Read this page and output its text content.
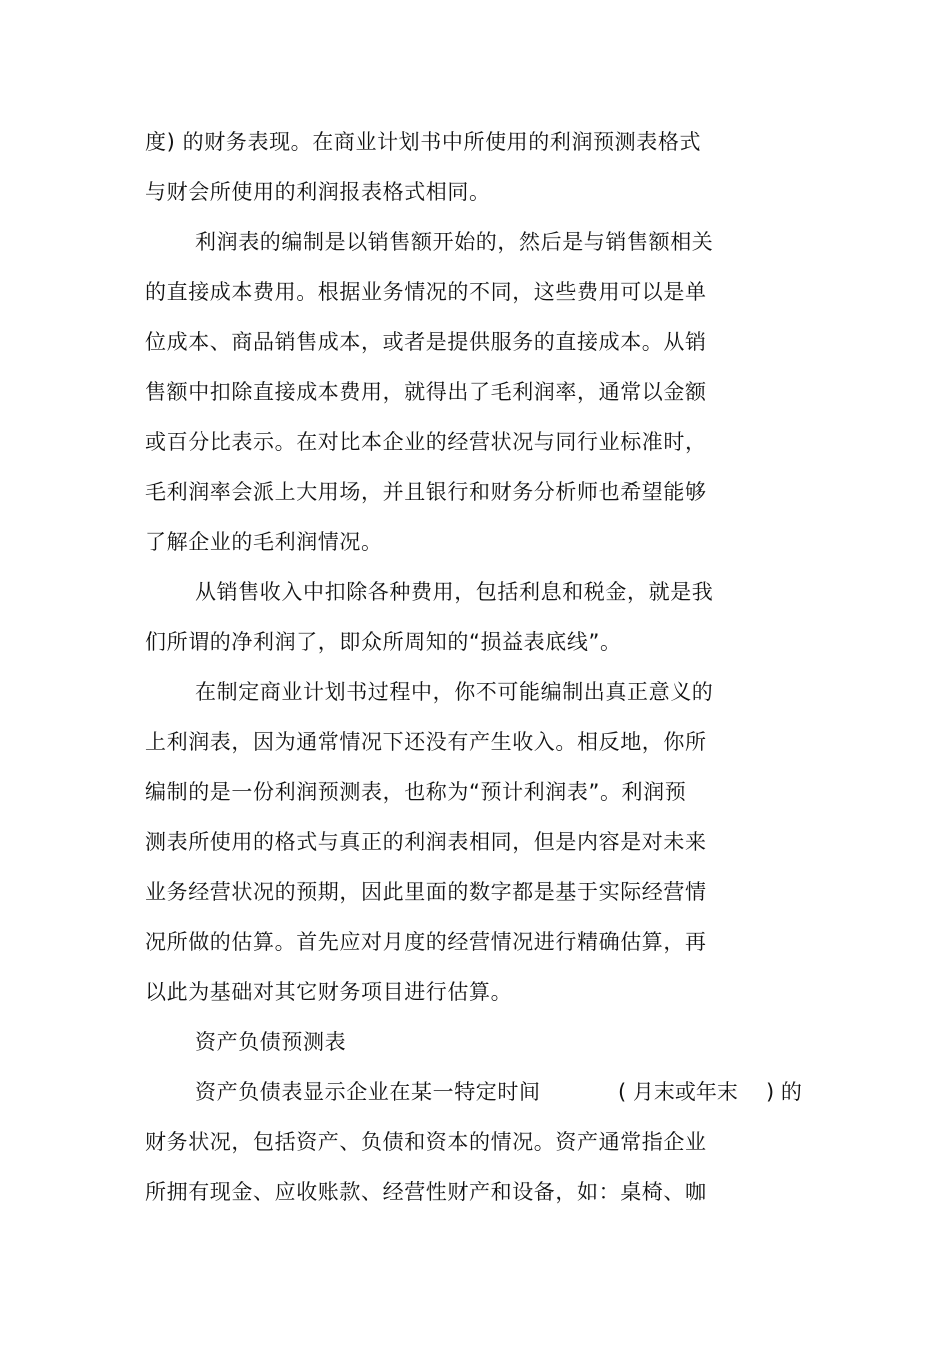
度) 的财务表现。在商业计划书中所使用的利润预测表格式
与财会所使用的利润报表格式相同。
利润表的编制是以销售额开始的，然后是与销售额相关
的直接成本费用。根据业务情况的不同，这些费用可以是单
位成本、商品销售成本，或者是提供服务的直接成本。从销
售额中扣除直接成本费用，就得出了毛利润率，通常以金额
或百分比表示。在对比本企业的经营状况与同行业标准时，
毛利润率会派上大用场，并且银行和财务分析师也希望能够
了解企业的毛利润情况。
从销售收入中扣除各种费用，包括利息和税金，就是我
们所谓的净利润了，即众所周知的“损益表底线”。
在制定商业计划书过程中，你不可能编制出真正意义的
上利润表，因为通常情况下还没有产生收入。相反地，你所
编制的是一份利润预测表，也称为“预计利润表”。利润预
测表所使用的格式与真正的利润表相同，但是内容是对未来
业务经营状况的预期，因此里面的数字都是基于实际经营情
况所做的估算。首先应对月度的经营情况进行精确估算，再
以此为基础对其它财务项目进行估算。
资产负债预测表
资产负债表显示企业在某一特定时间	( 月末或年末 ) 的
财务状况，包括资产、负债和资本的情况。资产通常指企业
所拥有现金、应收账款、经营性财产和设备，如：桌椅、咖
